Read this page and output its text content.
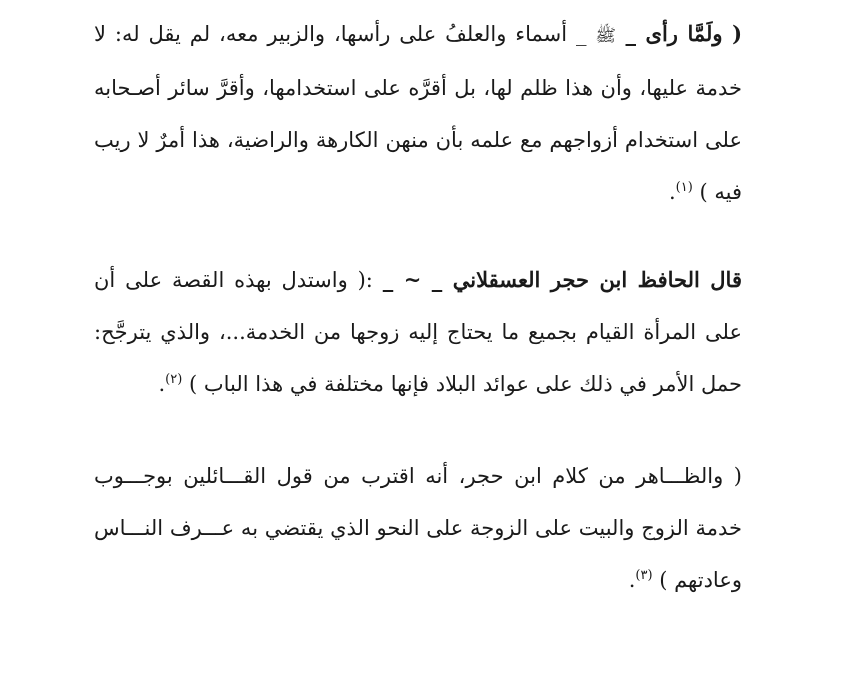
( ولَمَّا رأى _ ﷺ _ أسماء والعلفُ على رأسها، والزبير معه، لم يقل له: لا خدمة عليها، وأن هذا ظلم لها، بل أقرَّه على استخدامها، وأقرَّ سائر أصـحابه على استخدام أزواجهم مع علمه بأن منهن الكارهة والراضية، هذا أمرٌ لا ريب فيه ) $^{(١)}$.

قال الحافظ ابن حجر العسقلاني _ ~ _ :( واستدل بهذه القصة على أن على المرأة القيام بجميع ما يحتاج إليه زوجها من الخدمة...، والذي يترجَّح: حمل الأمر في ذلك على عوائد البلاد فإنها مختلفة في هذا الباب ) $^{(٢)}$.

( والظـــاهر من كلام ابن حجر، أنه اقترب من قول القـــائلين بوجـــوب خدمة الزوج والبيت على الزوجة على النحو الذي يقتضي به عـــرف النـــاس وعادتهم ) $^{(٣)}$.
